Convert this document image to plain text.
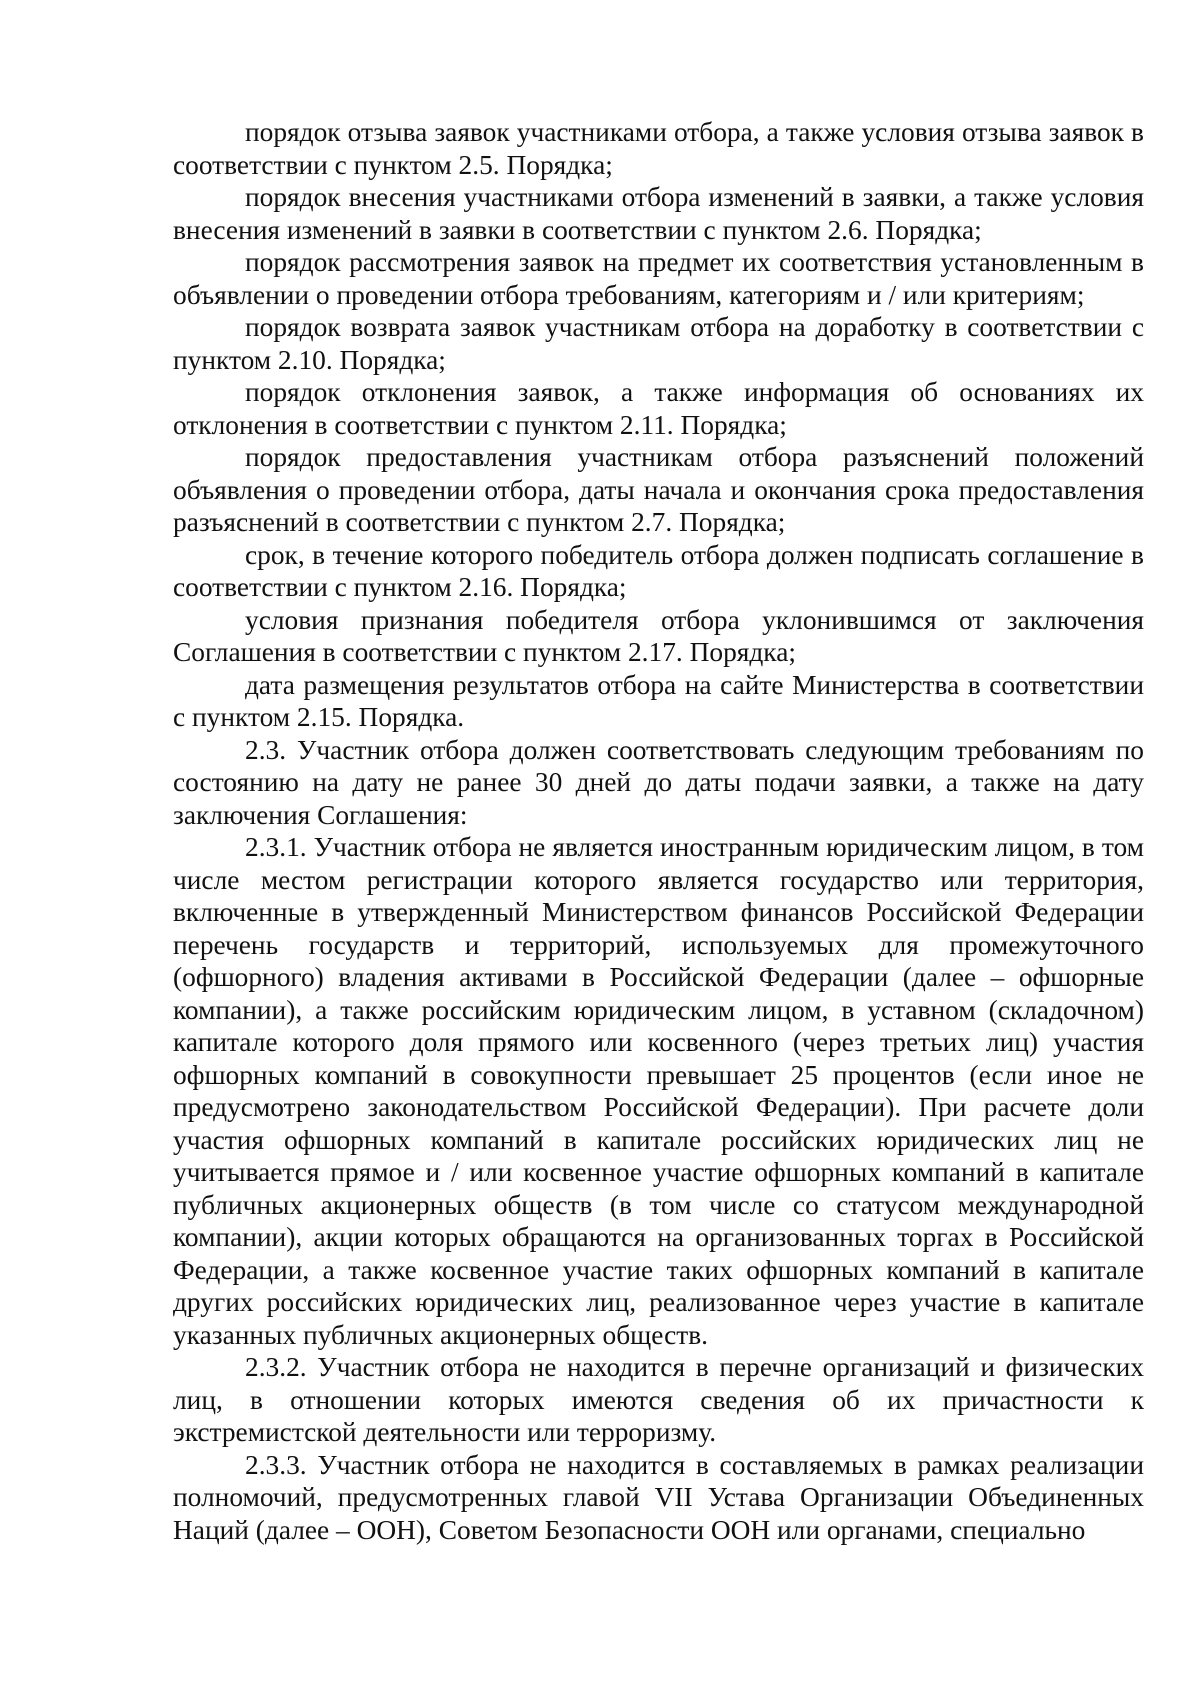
порядок отзыва заявок участниками отбора, а также условия отзыва заявок в соответствии с пунктом 2.5. Порядка;

порядок внесения участниками отбора изменений в заявки, а также условия внесения изменений в заявки в соответствии с пунктом 2.6. Порядка;

порядок рассмотрения заявок на предмет их соответствия установленным в объявлении о проведении отбора требованиям, категориям и / или критериям;

порядок возврата заявок участникам отбора на доработку в соответствии с пунктом 2.10. Порядка;

порядок отклонения заявок, а также информация об основаниях их отклонения в соответствии с пунктом 2.11. Порядка;

порядок предоставления участникам отбора разъяснений положений объявления о проведении отбора, даты начала и окончания срока предоставления разъяснений в соответствии с пунктом 2.7. Порядка;

срок, в течение которого победитель отбора должен подписать соглашение в соответствии с пунктом 2.16. Порядка;

условия признания победителя отбора уклонившимся от заключения Соглашения в соответствии с пунктом 2.17. Порядка;

дата размещения результатов отбора на сайте Министерства в соответствии с пунктом 2.15. Порядка.

2.3. Участник отбора должен соответствовать следующим требованиям по состоянию на дату не ранее 30 дней до даты подачи заявки, а также на дату заключения Соглашения:

2.3.1. Участник отбора не является иностранным юридическим лицом, в том числе местом регистрации которого является государство или территория, включенные в утвержденный Министерством финансов Российской Федерации перечень государств и территорий, используемых для промежуточного (офшорного) владения активами в Российской Федерации (далее – офшорные компании), а также российским юридическим лицом, в уставном (складочном) капитале которого доля прямого или косвенного (через третьих лиц) участия офшорных компаний в совокупности превышает 25 процентов (если иное не предусмотрено законодательством Российской Федерации). При расчете доли участия офшорных компаний в капитале российских юридических лиц не учитывается прямое и / или косвенное участие офшорных компаний в капитале публичных акционерных обществ (в том числе со статусом международной компании), акции которых обращаются на организованных торгах в Российской Федерации, а также косвенное участие таких офшорных компаний в капитале других российских юридических лиц, реализованное через участие в капитале указанных публичных акционерных обществ.

2.3.2. Участник отбора не находится в перечне организаций и физических лиц, в отношении которых имеются сведения об их причастности к экстремистской деятельности или терроризму.

2.3.3. Участник отбора не находится в составляемых в рамках реализации полномочий, предусмотренных главой VII Устава Организации Объединенных Наций (далее – ООН), Советом Безопасности ООН или органами, специально
